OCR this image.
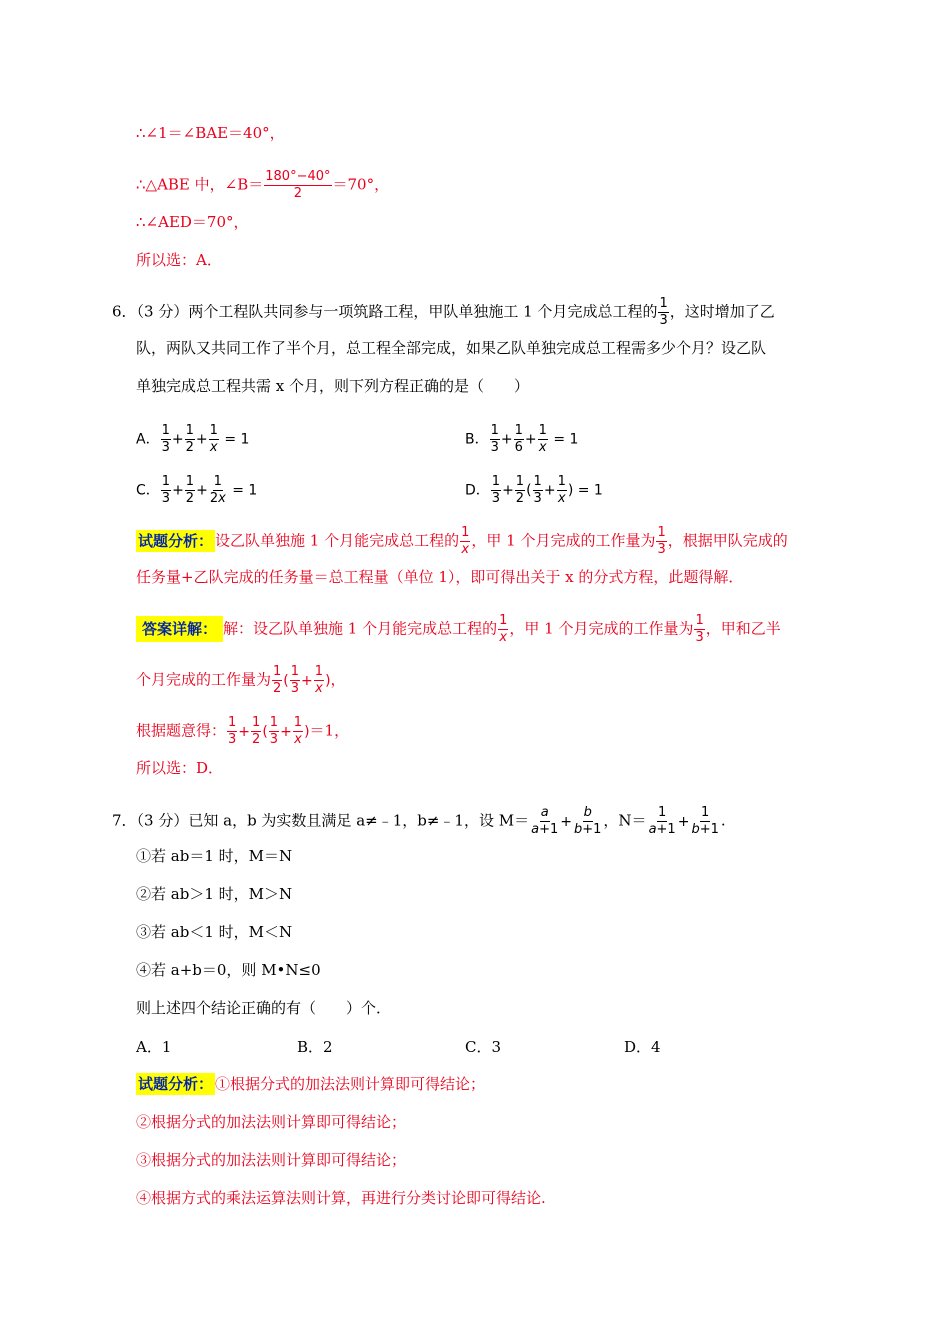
∴∠1＝∠BAE＝40°，
∴△ABE 中，∠B＝ $\frac{180^\circ-40^\circ}{2} =70^\circ$，
∴∠AED＝70°，
所以选：A．
6．（3 分）两个工程队共同参与一项筑路工程，甲队单独施工 1 个月完成总工程的 $\frac{1}{3}$ ，这时增加了乙
队，两队又共同工作了半个月，总工程全部完成，如果乙队单独完成总工程需多少个月？设乙队
单独完成总工程共需 x 个月，则下列方程正确的是（　　）
A． $\frac{1}{3} + \frac{1}{2} + \frac{1}{x} = 1$	B． $\frac{1}{3} + \frac{1}{6} + \frac{1}{x} = 1$
C． $\frac{1}{3} + \frac{1}{2} + \frac{1}{2x} = 1$	D． $\frac{1}{3} + \frac{1}{2}$ ( $\frac{1}{3} + \frac{1}{x}$ ) = 1
试题分析： 设乙队单独施 1 个月能完成总工程的 $\frac{1}{x}$ ，甲 1 个月完成的工作量为 $\frac{1}{3}$ ，根据甲队完成的
任务量+乙队完成的任务量＝总工程量（单位 1），即可得出关于 x 的分式方程，此题得解．
答案详解： 解：设乙队单独施 1 个月能完成总工程的 $\frac{1}{x}$ ，甲 1 个月完成的工作量为 $\frac{1}{3}$ ，甲和乙半
个月完成的工作量为 $\frac{1}{2}$ ( $\frac{1}{3} + \frac{1}{x}$ )，
根据题意得： $\frac{1}{3} + \frac{1}{2}$ ( $\frac{1}{3} + \frac{1}{x} )=1$，
所以选：D．
7．（3 分）已知 a，b 为实数且满足 a≠﹣1，b≠﹣1，设 $M= \frac{a}{a+1} + \frac{b}{b+1}$ ，$N= \frac{1}{a+1} + \frac{1}{b+1}$ .
①若 ab＝1 时，M＝N
②若 ab＞1 时，M＞N
③若 ab＜1 时，M＜N
④若 a+b＝0，则 M•N≤0
则上述四个结论正确的有（　　）个．
A．1	B．2	C．3	D．4
试题分析： ①根据分式的加法法则计算即可得结论；
②根据分式的加法法则计算即可得结论；
③根据分式的加法法则计算即可得结论；
④根据方式的乘法运算法则计算，再进行分类讨论即可得结论.
